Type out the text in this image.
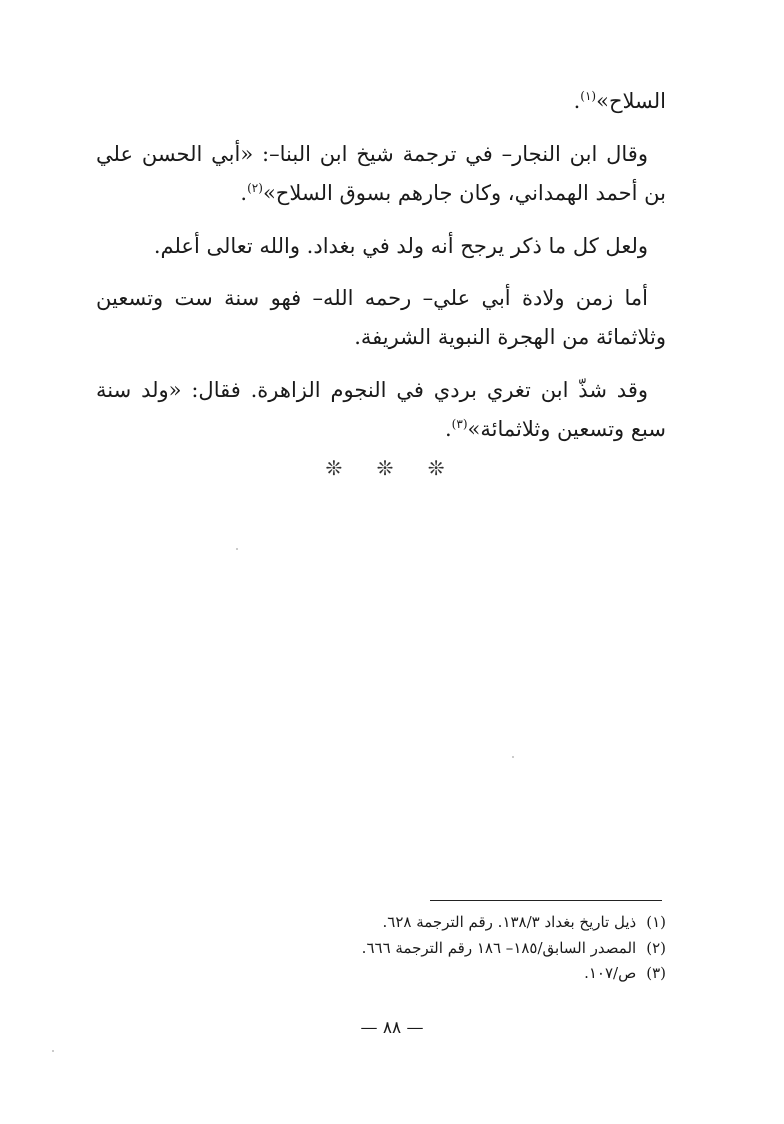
السلاح»$^{(١)}$.

وقال ابن النجار– في ترجمة شيخ ابن البنا–: «أبي الحسن علي بن أحمد الهمداني، وكان جارهم بسوق السلاح»$^{(٢)}$.

ولعل كل ما ذكر يرجح أنه ولد في بغداد. والله تعالى أعلم.

أما زمن ولادة أبي علي– رحمه الله– فهو سنة ست وتسعين وثلاثمائة من الهجرة النبوية الشريفة.

وقد شذّ ابن تغري بردي في النجوم الزاهرة. فقال: «ولد سنة سبع وتسعين وثلاثمائة»$^{(٣)}$.

❊ ❊ ❊

(١)ذيل تاريخ بغداد ١٣٨/٣. رقم الترجمة ٦٢٨.

(٢)المصدر السابق/١٨٥– ١٨٦ رقم الترجمة ٦٦٦.

(٣)ص/١٠٧.

— ٨٨ —
